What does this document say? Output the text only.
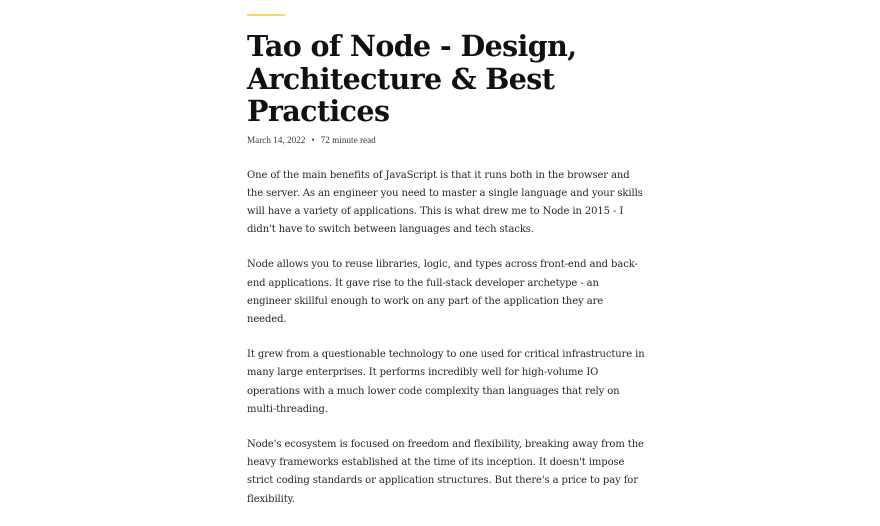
Tao of Node - Design, Architecture & Best Practices
March 14, 2022 • 72 minute read

One of the main benefits of JavaScript is that it runs both in the browser and the server. As an engineer you need to master a single language and your skills will have a variety of applications. This is what drew me to Node in 2015 - I didn't have to switch between languages and tech stacks.

Node allows you to reuse libraries, logic, and types across front-end and back-end applications. It gave rise to the full-stack developer archetype - an engineer skillful enough to work on any part of the application they are needed.

It grew from a questionable technology to one used for critical infrastructure in many large enterprises. It performs incredibly well for high-volume IO operations with a much lower code complexity than languages that rely on multi-threading.

Node's ecosystem is focused on freedom and flexibility, breaking away from the heavy frameworks established at the time of its inception. It doesn't impose strict coding standards or application structures. But there's a price to pay for flexibility.
